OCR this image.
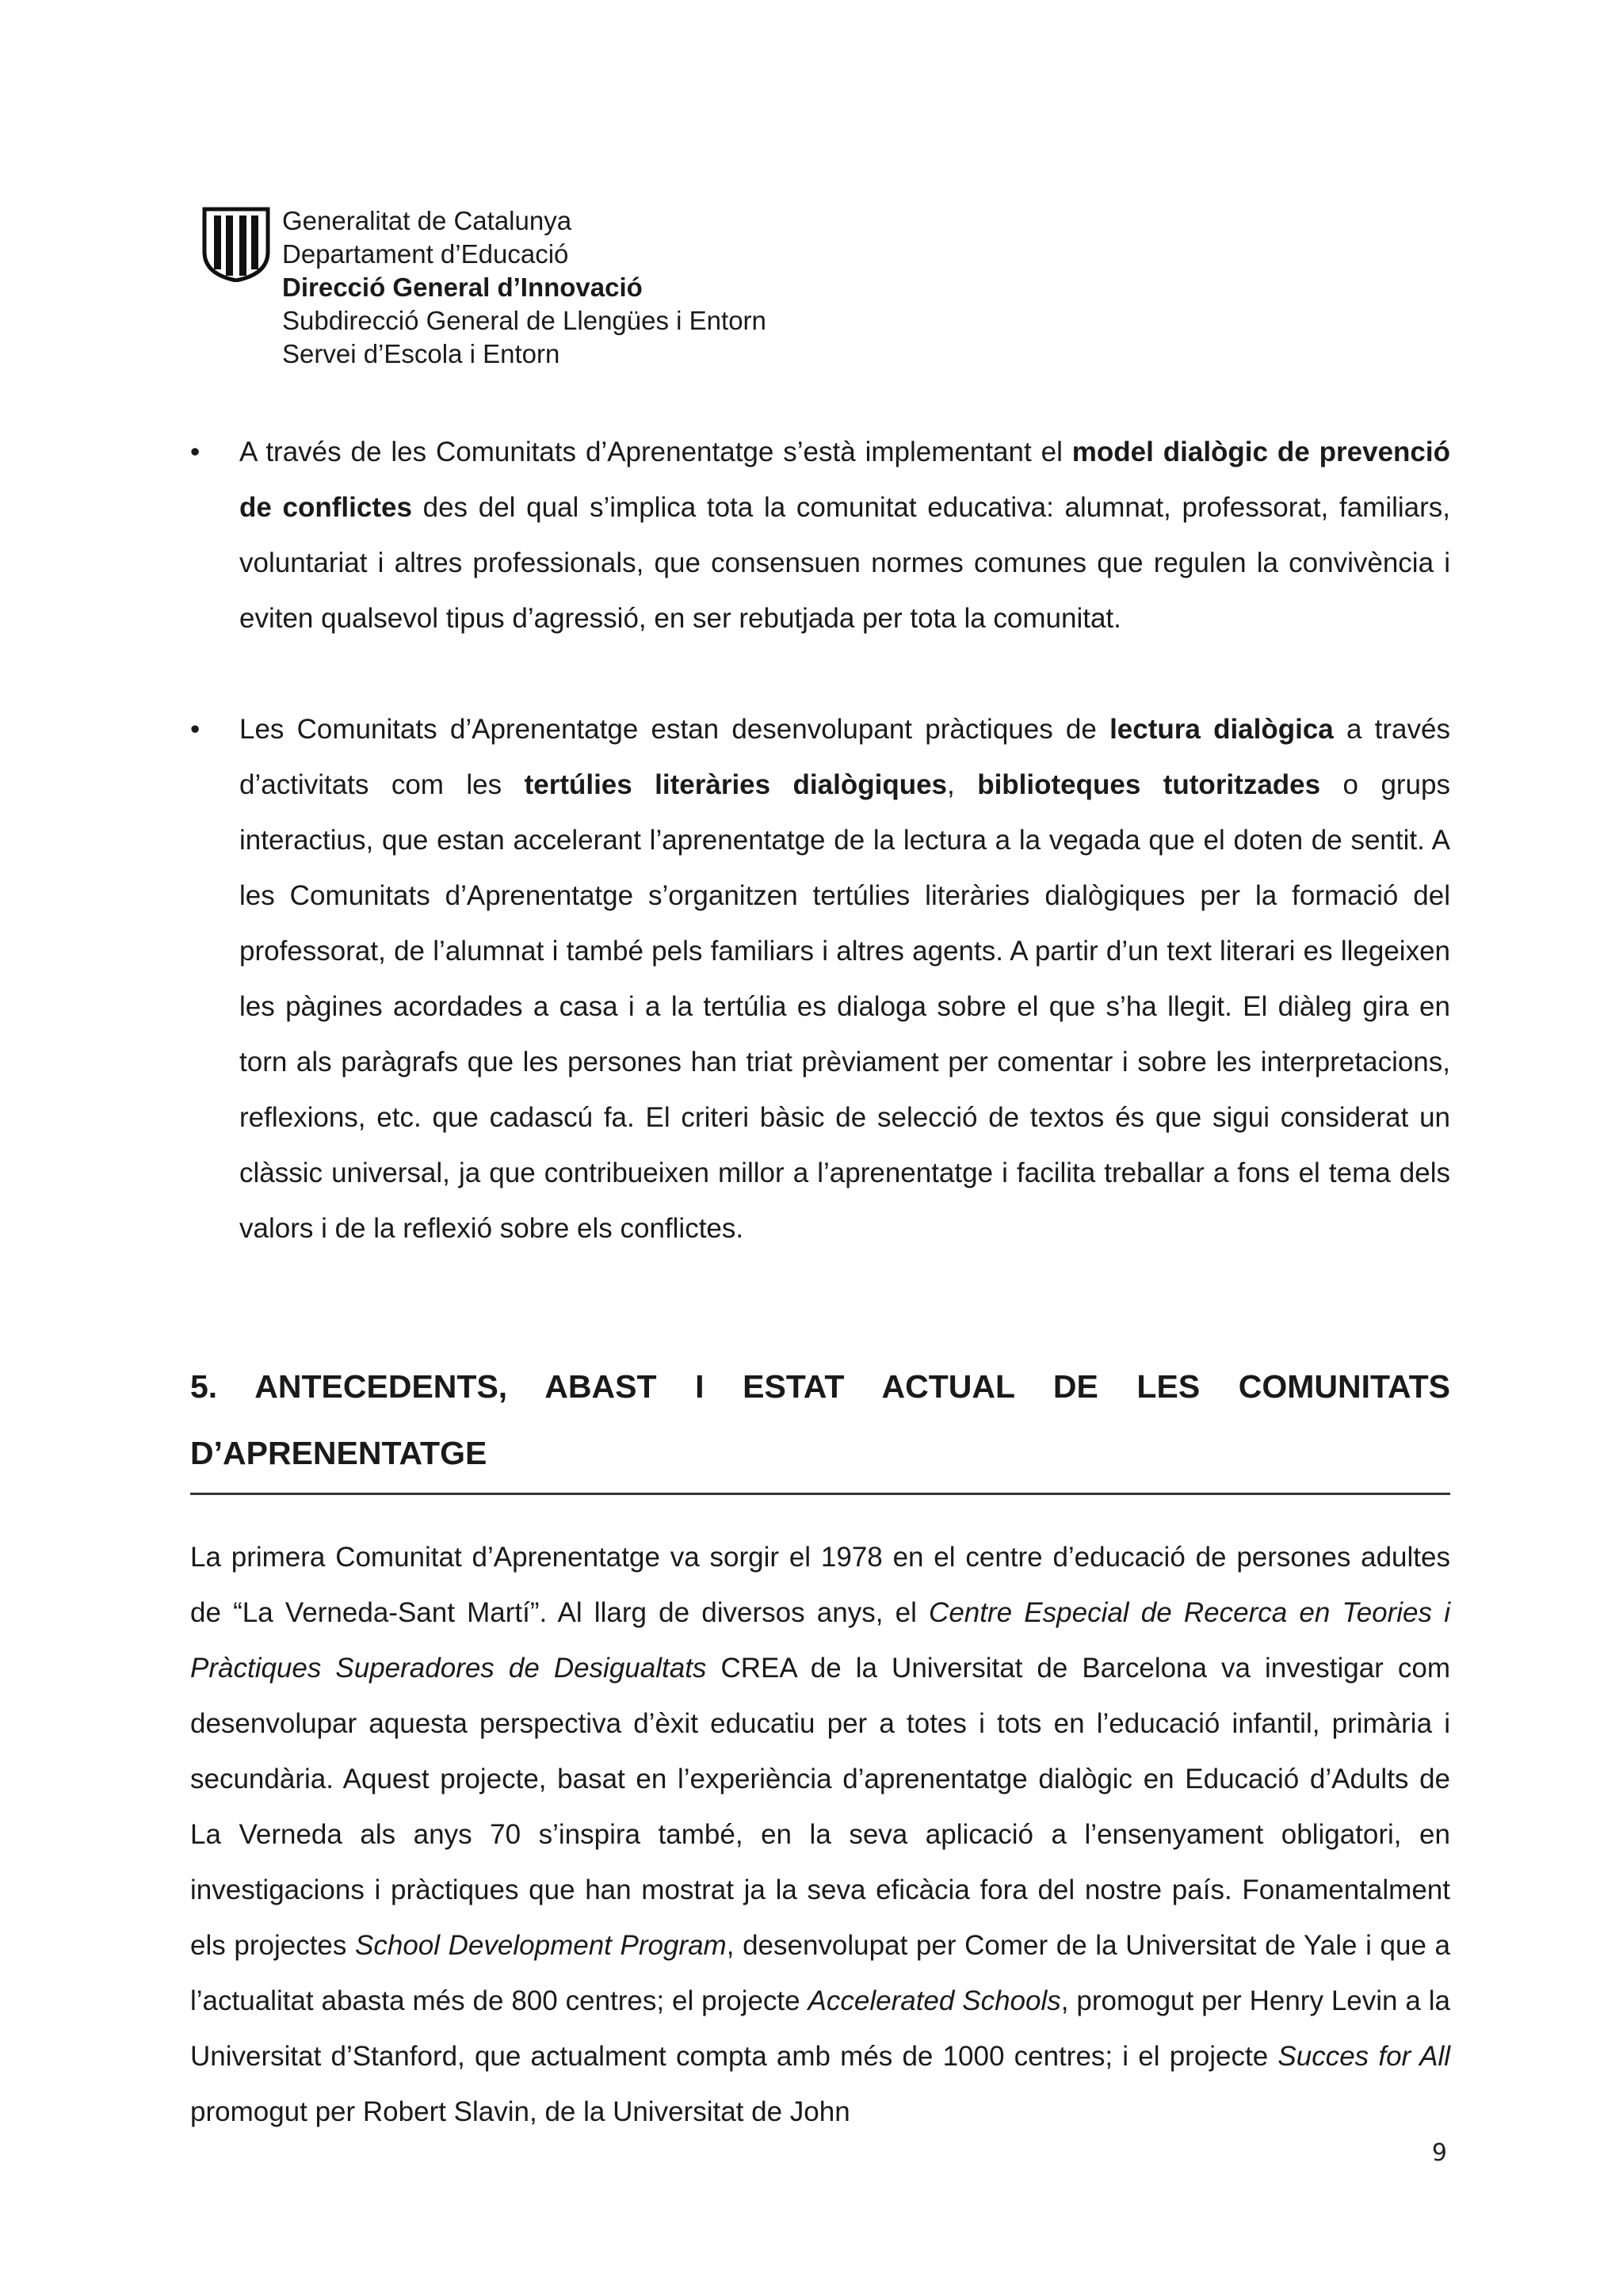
Generalitat de Catalunya
Departament d’Educació
Direcció General d’Innovació
Subdirecció General de Llengües i Entorn
Servei d’Escola i Entorn
• A través de les Comunitats d’Aprenentatge s’està implementant el model dialògic de prevenció de conflictes des del qual s’implica tota la comunitat educativa: alumnat, professorat, familiars, voluntariat i altres professionals, que consensuen normes comunes que regulen la convivència i eviten qualsevol tipus d’agressió, en ser rebutjada per tota la comunitat.
• Les Comunitats d’Aprenentatge estan desenvolupant pràctiques de lectura dialògica a través d’activitats com les tertúlies literàries dialògiques, biblioteques tutoritzades o grups interactius, que estan accelerant l’aprenentatge de la lectura a la vegada que el doten de sentit. A les Comunitats d’Aprenentatge s’organitzen tertúlies literàries dialògiques per la formació del professorat, de l’alumnat i també pels familiars i altres agents. A partir d’un text literari es llegeixen les pàgines acordades a casa i a la tertúlia es dialoga sobre el que s’ha llegit. El diàleg gira en torn als paràgrafs que les persones han triat prèviament per comentar i sobre les interpretacions, reflexions, etc. que cadascú fa. El criteri bàsic de selecció de textos és que sigui considerat un clàssic universal, ja que contribueixen millor a l’aprenentatge i facilita treballar a fons el tema dels valors i de la reflexió sobre els conflictes.
5. ANTECEDENTS, ABAST I ESTAT ACTUAL DE LES COMUNITATS D’APRENENTATGE
La primera Comunitat d’Aprenentatge va sorgir el 1978 en el centre d’educació de persones adultes de “La Verneda-Sant Martí”. Al llarg de diversos anys, el Centre Especial de Recerca en Teories i Pràctiques Superadores de Desigualtats CREA de la Universitat de Barcelona va investigar com desenvolupar aquesta perspectiva d’èxit educatiu per a totes i tots en l’educació infantil, primària i secundària. Aquest projecte, basat en l’experiència d’aprenentatge dialògic en Educació d’Adults de La Verneda als anys 70 s’inspira també, en la seva aplicació a l’ensenyament obligatori, en investigacions i pràctiques que han mostrat ja la seva eficàcia fora del nostre país. Fonamentalment els projectes School Development Program, desenvolupat per Comer de la Universitat de Yale i que a l’actualitat abasta més de 800 centres; el projecte Accelerated Schools, promogut per Henry Levin a la Universitat d’Stanford, que actualment compta amb més de 1000 centres; i el projecte Succes for All promogut per Robert Slavin, de la Universitat de John
9
